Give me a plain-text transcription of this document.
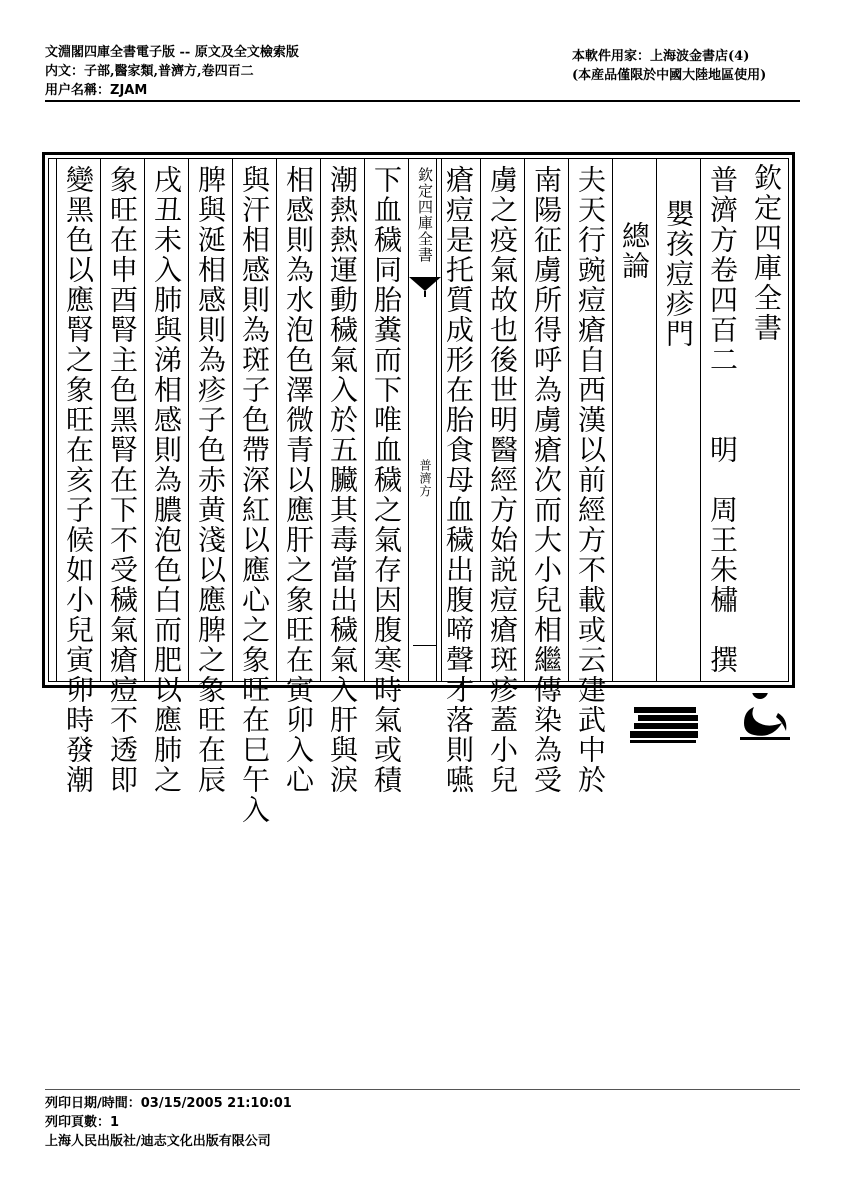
文淵閣四庫全書電子版 -- 原文及全文檢索版
内文：子部,醫家類,普濟方,卷四百二
用户名稱：ZJAM
本軟件用家：上海波金書店(4)
(本産品僅限於中國大陸地區使用)
欽定四庫全書
普濟方卷四百二　　明　周王朱橚　撰
嬰孩痘疹門
總論
夫天行豌痘瘡自西漢以前經方不載或云建武中於
南陽征虜所得呼為虜瘡次而大小兒相繼傳染為受
虜之疫氣故也後世明醫經方始説痘瘡斑疹蓋小兒
瘡痘是托質成形在胎食母血穢出腹啼聲才落則嚥
欽定四庫全書
普濟方
下血穢同胎糞而下唯血穢之氣存因腹寒時氣或積
潮熱熱運動穢氣入於五臟其毒當出穢氣入肝與淚
相感則為水泡色澤微青以應肝之象旺在寅卯入心
與汗相感則為斑子色帶深紅以應心之象旺在巳午入
脾與涎相感則為疹子色赤黄淺以應脾之象旺在辰
戌丑未入肺與涕相感則為膿泡色白而肥以應肺之
象旺在申酉腎主色黑腎在下不受穢氣瘡痘不透即
變黑色以應腎之象旺在亥子候如小兒寅卯時發潮
列印日期/時間：03/15/2005 21:10:01
列印頁數：1
上海人民出版社/迪志文化出版有限公司
